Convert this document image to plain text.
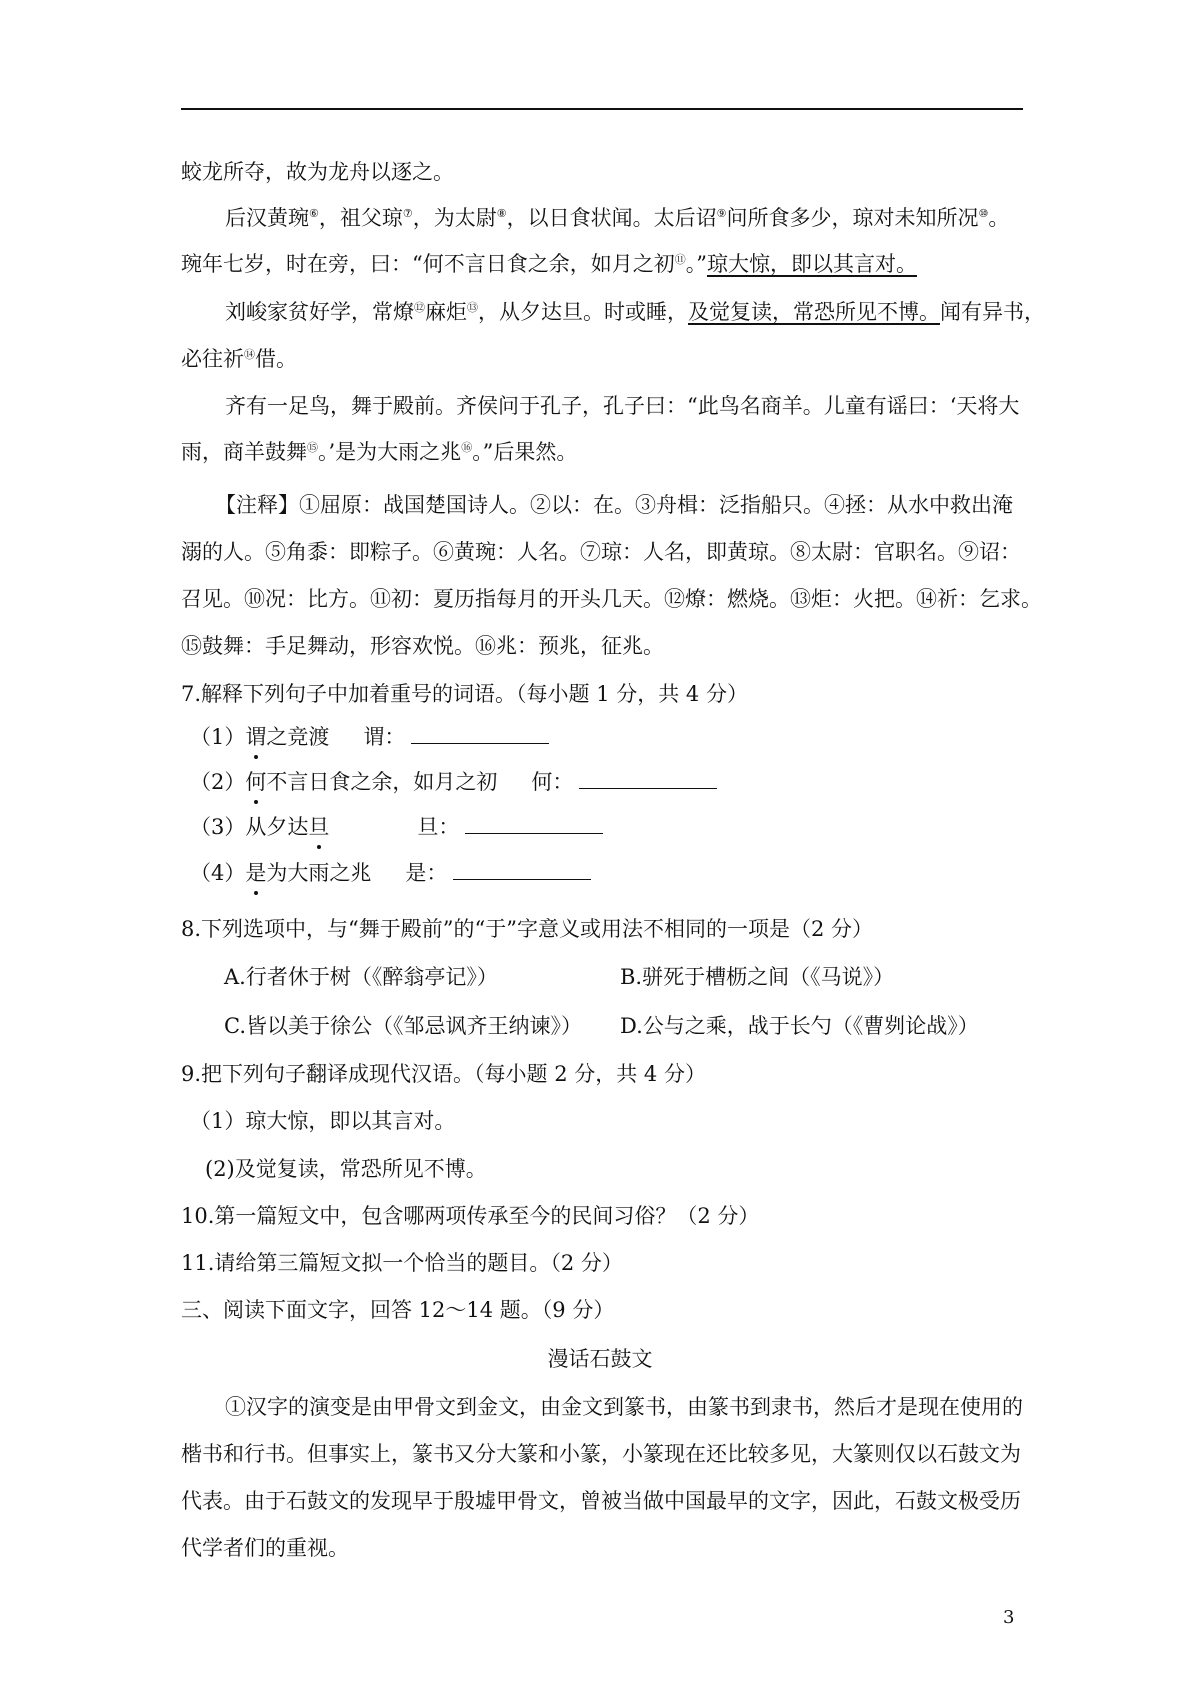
蛟龙所夺，故为龙舟以逐之。
后汉黄琬⑥，祖父琼⑦，为太尉⑧，以日食状闻。太后诏⑨问所食多少，琼对未知所况⑩。
琬年七岁，时在旁，曰：“何不言日食之余，如月之初⑪。”琼大惊，即以其言对。
刘峻家贫好学，常燎⑫麻炬⑬，从夕达旦。时或睡，及觉复读，常恐所见不博。闻有异书，
必往祈⑭借。
齐有一足鸟，舞于殿前。齐侯问于孔子，孔子曰：“此鸟名商羊。儿童有谣曰：‘天将大
雨，商羊鼓舞⑮。’是为大雨之兆⑯。”后果然。
【注释】①屈原：战国楚国诗人。②以：在。③舟楫：泛指船只。④拯：从水中救出淹
溺的人。⑤角黍：即粽子。⑥黄琬：人名。⑦琼：人名，即黄琼。⑧太尉：官职名。⑨诏：
召见。⑩况：比方。⑪初：夏历指每月的开头几天。⑫燎：燃烧。⑬炬：火把。⑭祈：乞求。
⑮鼓舞：手足舞动，形容欢悦。⑯兆：预兆，征兆。
7.解释下列句子中加着重号的词语。（每小题 1 分，共 4 分）
（1）谓之竞渡 谓：
（2）何不言日食之余，如月之初 何：
（3）从夕达旦	旦：
（4）是为大雨之兆 是：
8.下列选项中，与“舞于殿前”的“于”字意义或用法不相同的一项是（2 分）
A.行者休于树（《醉翁亭记》）	B.骈死于槽枥之间（《马说》）
C.皆以美于徐公（《邹忌讽齐王纳谏》） D.公与之乘，战于长勺（《曹刿论战》）
9.把下列句子翻译成现代汉语。（每小题 2 分，共 4 分）
（1）琼大惊，即以其言对。
(2)及觉复读，常恐所见不博。
10.第一篇短文中，包含哪两项传承至今的民间习俗？（2 分）
11.请给第三篇短文拟一个恰当的题目。（2 分）
三、阅读下面文字，回答 12～14 题。（9 分）
漫话石鼓文
①汉字的演变是由甲骨文到金文，由金文到篆书，由篆书到隶书，然后才是现在使用的
楷书和行书。但事实上，篆书又分大篆和小篆，小篆现在还比较多见，大篆则仅以石鼓文为
代表。由于石鼓文的发现早于殷墟甲骨文，曾被当做中国最早的文字，因此，石鼓文极受历
代学者们的重视。
3
